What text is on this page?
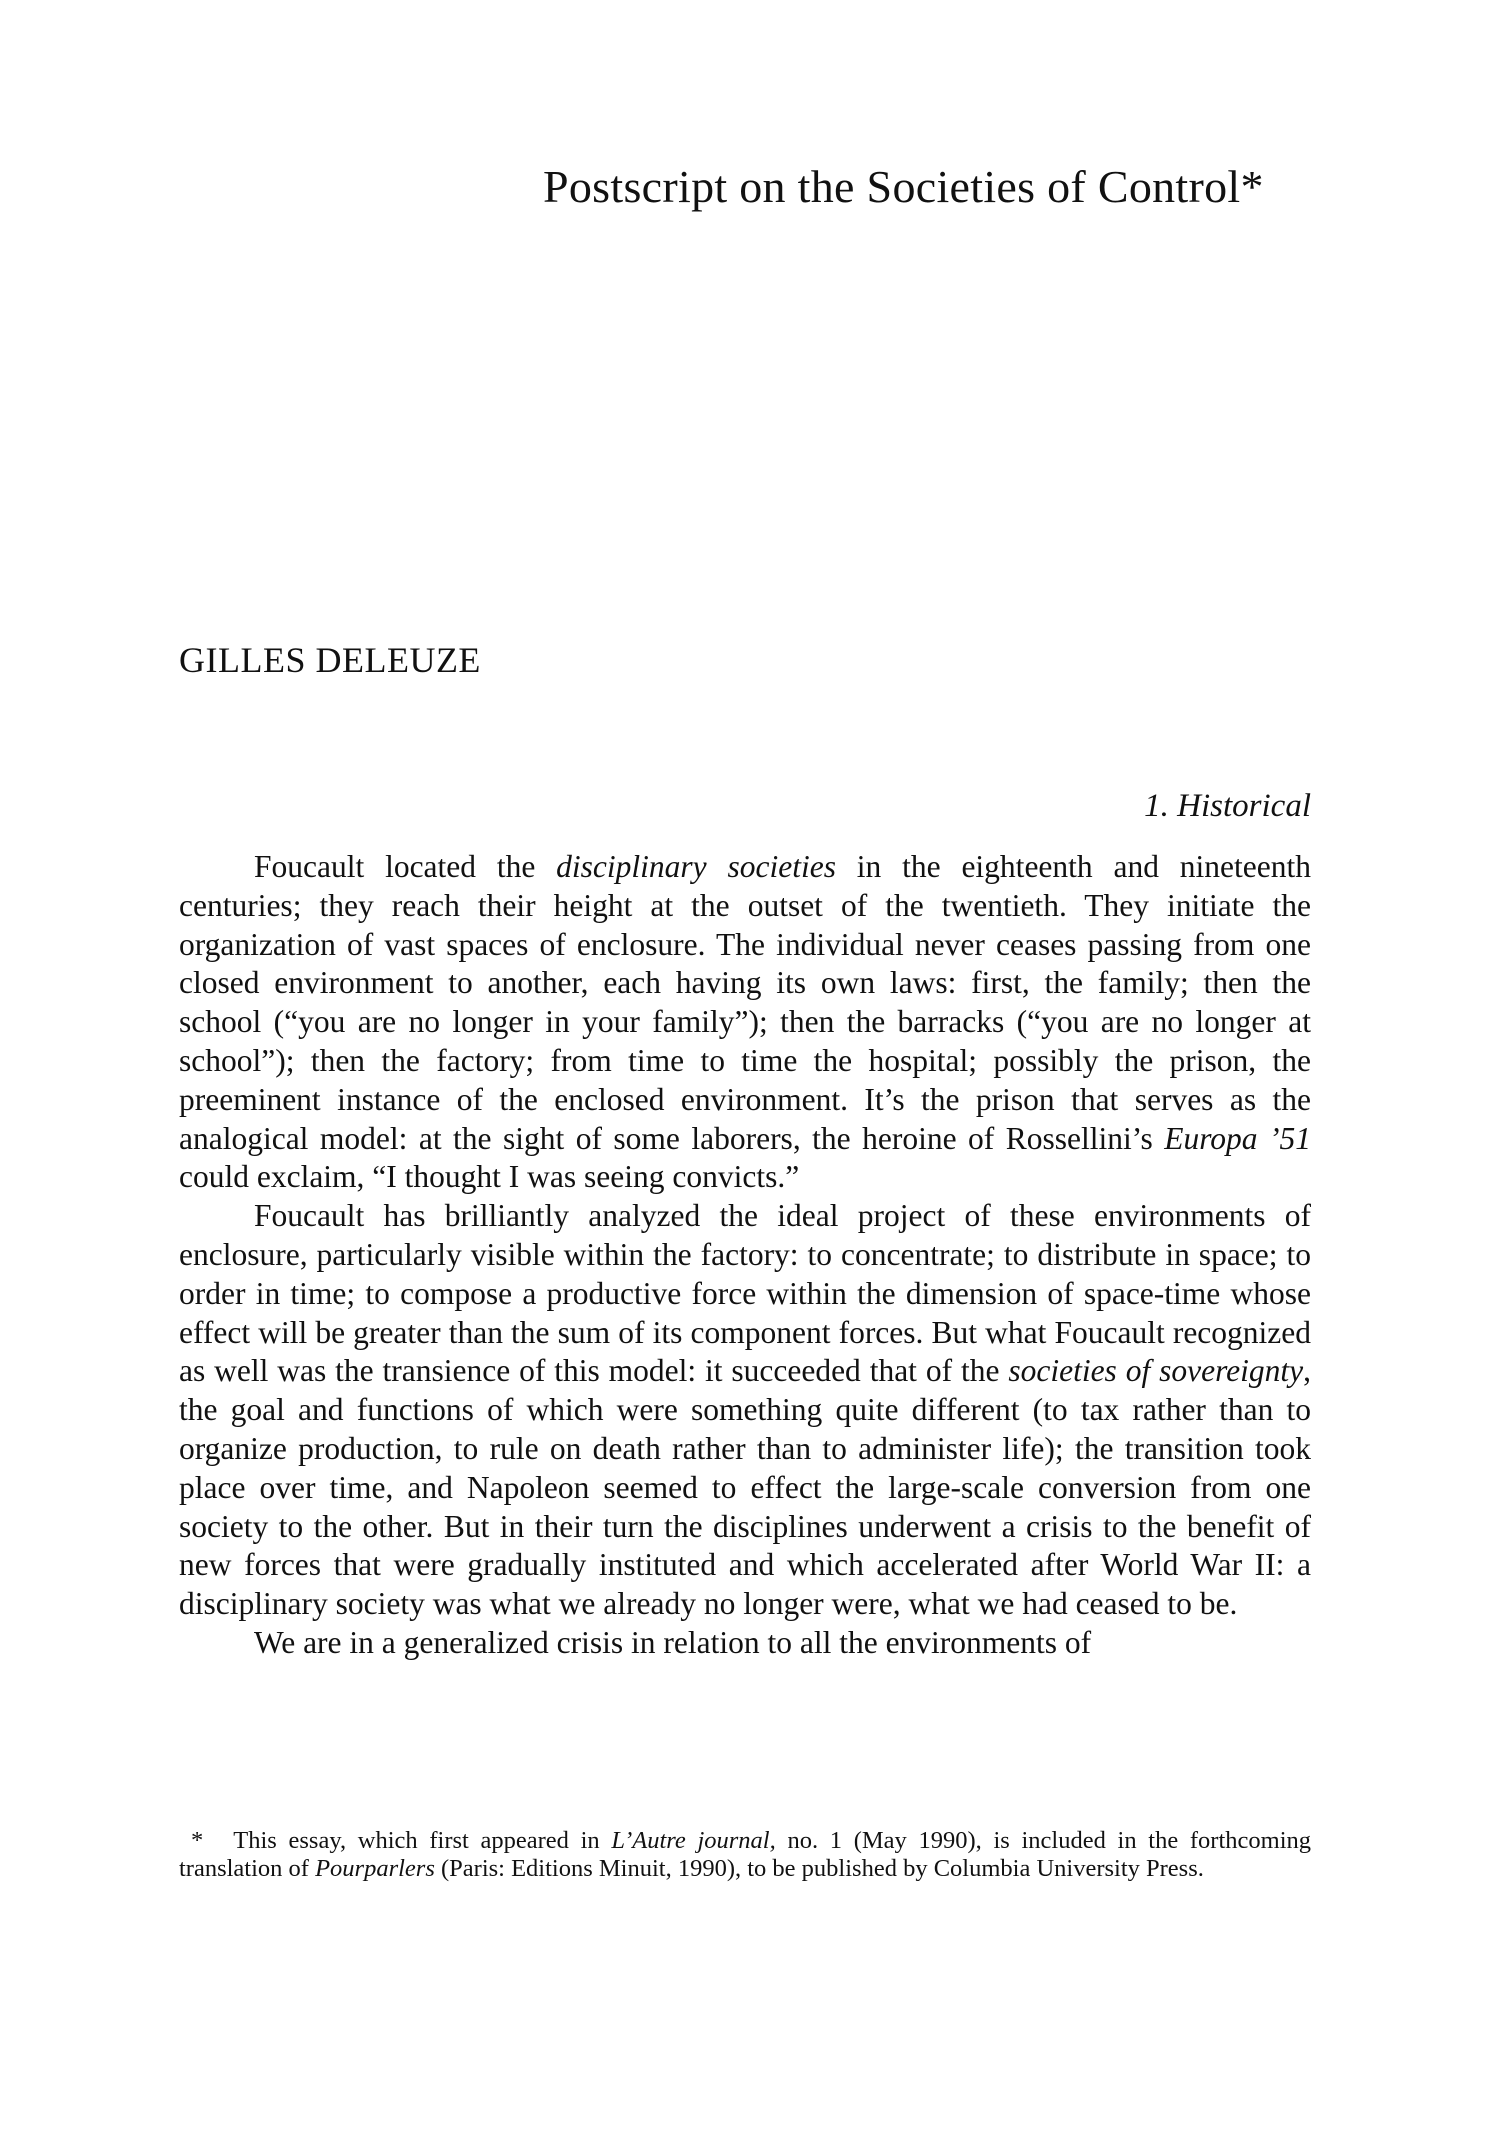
Postscript on the Societies of Control*
GILLES DELEUZE
1. Historical

Foucault located the disciplinary societies in the eighteenth and nineteenth centuries; they reach their height at the outset of the twentieth. They initiate the organization of vast spaces of enclosure. The individual never ceases passing from one closed environment to another, each having its own laws: first, the family; then the school (“you are no longer in your family”); then the barracks (“you are no longer at school”); then the factory; from time to time the hospital; possibly the prison, the preeminent instance of the enclosed environment. It’s the prison that serves as the analogical model: at the sight of some laborers, the heroine of Rossellini’s Europa ’51 could exclaim, “I thought I was seeing convicts.”

Foucault has brilliantly analyzed the ideal project of these environments of enclosure, particularly visible within the factory: to concentrate; to distribute in space; to order in time; to compose a productive force within the dimension of space-time whose effect will be greater than the sum of its component forces. But what Foucault recognized as well was the transience of this model: it succeeded that of the societies of sovereignty, the goal and functions of which were something quite different (to tax rather than to organize production, to rule on death rather than to administer life); the transition took place over time, and Napoleon seemed to effect the large-scale conversion from one society to the other. But in their turn the disciplines underwent a crisis to the benefit of new forces that were gradually instituted and which accelerated after World War II: a disciplinary society was what we already no longer were, what we had ceased to be.

We are in a generalized crisis in relation to all the environments of

* This essay, which first appeared in L’Autre journal, no. 1 (May 1990), is included in the forthcoming translation of Pourparlers (Paris: Editions Minuit, 1990), to be published by Columbia University Press.
